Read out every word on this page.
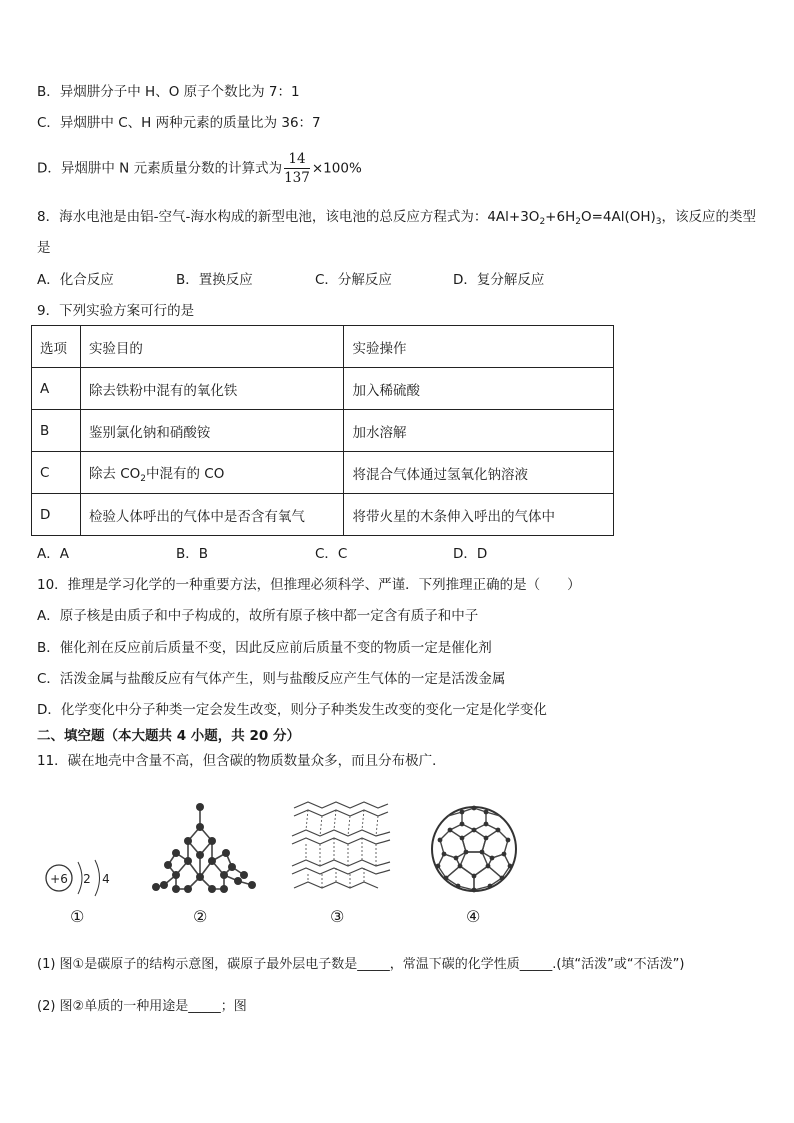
B．异烟肼分子中 H、O 原子个数比为 7：1
C．异烟肼中 C、H 两种元素的质量比为 36：7
D．异烟肼中 N 元素质量分数的计算式为 $\frac{14}{137} \times 100\%$
8．海水电池是由铝-空气-海水构成的新型电池，该电池的总反应方程式为：$4Al+3O_2+6H_2O=4Al(OH)_3$，该反应的类型
是
A．化合反应	B．置换反应	C．分解反应	D．复分解反应
9．下列实验方案可行的是
选项	实验目的	实验操作
A	除去铁粉中混有的氧化铁	加入稀硫酸
B	鉴别氯化钠和硝酸铵	加水溶解
C	除去 $CO_2$中混有的 CO	将混合气体通过氢氧化钠溶液
D	检验人体呼出的气体中是否含有氧气	将带火星的木条伸入呼出的气体中
A．A	B．B	C．C	D．D
10．推理是学习化学的一种重要方法，但推理必须科学、严谨．下列推理正确的是（　　）
A．原子核是由质子和中子构成的，故所有原子核中都一定含有质子和中子
B．催化剂在反应前后质量不变，因此反应前后质量不变的物质一定是催化剂
C．活泼金属与盐酸反应有气体产生，则与盐酸反应产生气体的一定是活泼金属
D．化学变化中分子种类一定会发生改变，则分子种类发生改变的变化一定是化学变化
二、填空题（本大题共 4 小题，共 20 分）
11．碳在地壳中含量不高，但含碳的物质数量众多，而且分布极广．
+6 2 4
①	②	③	④
(1) 图①是碳原子的结构示意图，碳原子最外层电子数是_____，常温下碳的化学性质_____.(填“活泼”或“不活泼”)
(2) 图②单质的一种用途是_____；图
